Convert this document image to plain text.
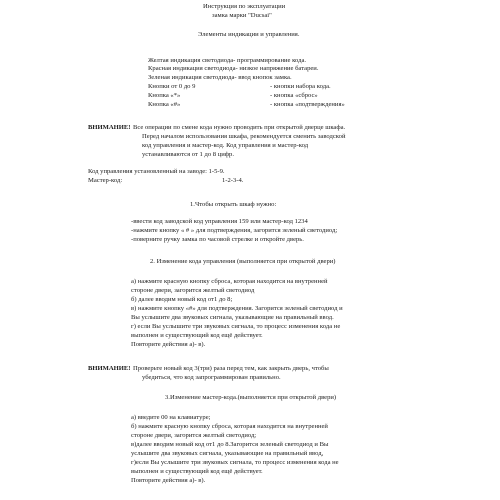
Инструкция по эксплуатации
замка марки "Ducsai"
Элементы индикации и управления.
Желтая индикация светодиода- программирование кода.
Красная индикация светодиода- низкое напряжение батареи.
Зеленая индикация светодиода- ввод кнопок замка.
Кнопки от 0 до 9	- кнопки набора кода.
Кнопка «*»	- кнопка «сброс»
Кнопка «#»	- кнопка «подтверждения»
ВНИМАНИЕ! Все операции по смене кода нужно проводить при открытой дверце шкафа.
Перед началом использования шкафа, рекомендуется сменить заводской
код управления и мастер-код. Код управления и мастер-код
устанавливаются от 1 до 8 цифр.
Код управления установленный на заводе: 1-5-9.
Мастер-код:	1-2-3-4.
1.Чтобы открыть шкаф нужно:
-ввести код заводской код управления 159 или мастер-код 1234
-нажмите кнопку « # » для подтверждения, загорится зеленый светодиод;
-поверните ручку замка по часовой стрелке и откройте дверь.
2. Изменение кода управления (выполняется при открытой двери)
а) нажмите красную кнопку сброса, которая находится на внутренней
стороне двери, загорится желтый светодиод
б) далее вводим новый код от1 до 8;
в) нажмите кнопку «#» для подтверждения. Загорится зеленый светодиод и
Вы услышите два звуковых сигнала, указывающие на правильный ввод.
г) если Вы услышите три звуковых сигнала, то процесс изменения кода не
выполнен и существующий код ещё действует.
Повторите действия а)- в).
ВНИМАНИЕ! Проверьте новый код 3(три) раза перед тем, как закрыть дверь, чтобы
убедиться, что код запрограммирован правильно.
3.Изменение мастер-кода.(выполняется при открытой двери)
а) введите 00 на клавиатуре;
б) нажмите красную кнопку сброса, которая находится на внутренней
стороне двери, загорится желтый светодиод;
в)далее вводим новый код от1 до 8.Загорится зеленый светодиод и Вы
услышите два звуковых сигнала, указывающие на правильный ввод,
г)если Вы услышите три звуковых сигнала, то процесс изменения кода не
выполнен и существующий код ещё действует.
Повторите действия а)- в).
